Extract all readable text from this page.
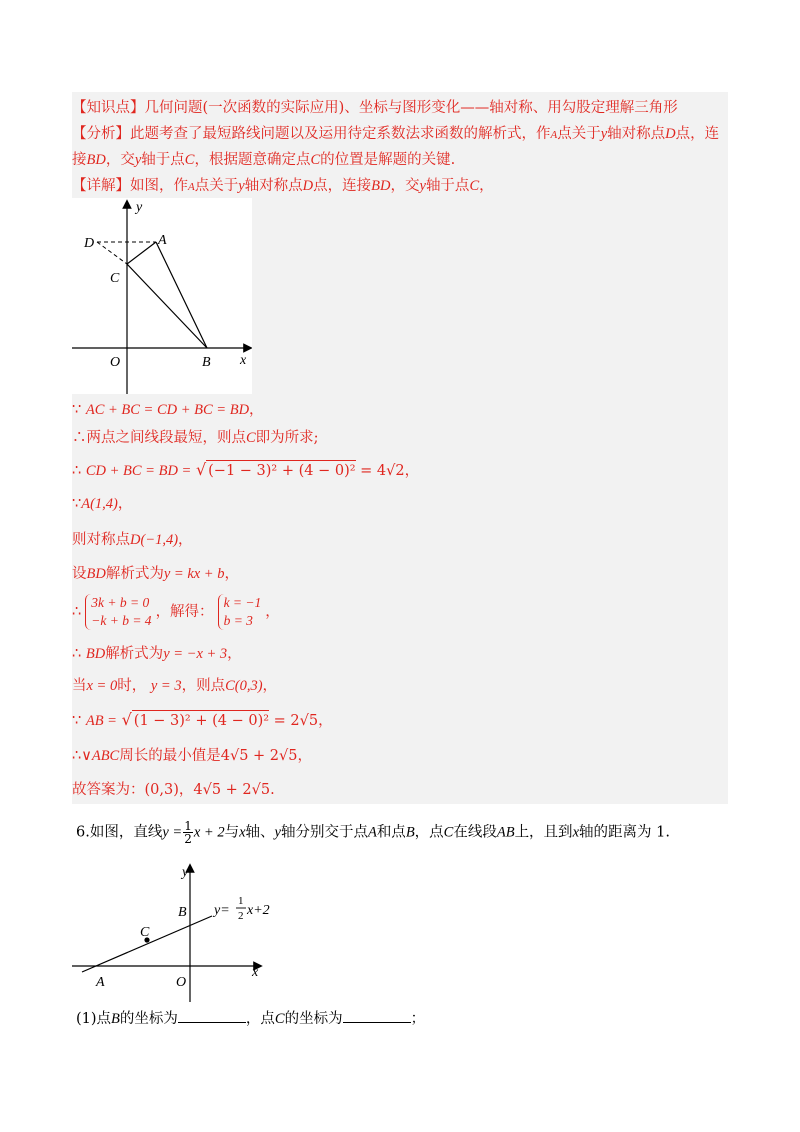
【知识点】几何问题(一次函数的实际应用)、坐标与图形变化——轴对称、用勾股定理解三角形
【分析】此题考查了最短路线问题以及运用待定系数法求函数的解析式，作A点关于y轴对称点D点，连
接BD，交y轴于点C，根据题意确定点C的位置是解题的关键.
【详解】如图，作A点关于y轴对称点D点，连接BD，交y轴于点C，
y
x
D	A
C
O	B
∵ AC + BC = CD + BC = BD，
∴两点之间线段最短，则点C即为所求;
∴ CD + BC = BD = √ (−1 − 3)² + (4 − 0)² = 4√2，
∵A(1,4)，
则对称点D(−1,4)，
设BD解析式为y = kx + b，
∴
3k + b = 0
−k + b = 4
，解得：
k = −1
b = 3
，
∴ BD解析式为y = −x + 3，
当x = 0时， y = 3，则点C(0,3)，
∵ AB = √ (1 − 3)² + (4 − 0)² = 2√5，
∴∨ABC周长的最小值是4√5 + 2√5，
故答案为：(0,3)，4√5 + 2√5.
6.如图，直线$y = \frac{1}{2}$ x + 2与x轴、y轴分别交于点A和点B，点C在线段AB上，且到x轴的距离为 1.
y
x
B
C
A	O
y=
1
2 x+2
(1)点B的坐标为	，点C的坐标为	；
